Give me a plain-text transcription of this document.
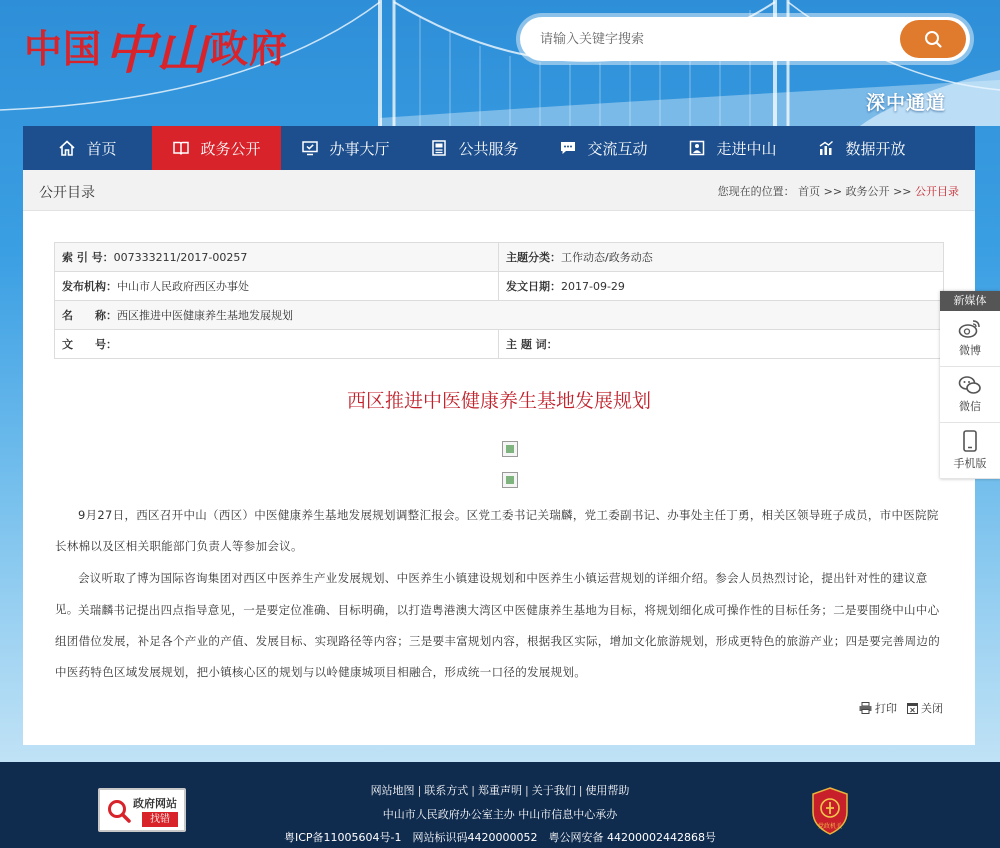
中国 中山 政府
请输入关键字搜索
深中通道
首页	政务公开	办事大厅	公共服务	交流互动	走进中山	数据开放
公开目录	您现在的位置： 首页 >> 政务公开 >> 公开目录
索 引 号：007333211/2017-00257	主题分类：工作动态/政务动态
发布机构：中山市人民政府西区办事处	发文日期：2017-09-29
名　　称：西区推进中医健康养生基地发展规划	
文　　号：	主 题 词：
西区推进中医健康养生基地发展规划
9月27日，西区召开中山（西区）中医健康养生基地发展规划调整汇报会。区党工委书记关瑞麟，党工委副书记、办事处主任丁勇，相关区领导班子成员，市中医院院长林棉以及区相关职能部门负责人等参加会议。
会议听取了博为国际咨询集团对西区中医养生产业发展规划、中医养生小镇建设规划和中医养生小镇运营规划的详细介绍。参会人员热烈讨论，提出针对性的建议意见。 关瑞麟书记提出四点指导意见，一是要定位准确、目标明确，以打造粤港澳大湾区中医健康养生基地为目标，将规划细化成可操作性的目标任务；二是要围绕中山中心组团借位发展，补足各个产业的产值、发展目标、实现路径等内容；三是要丰富规划内容，根据我区实际，增加文化旅游规划，形成更特色的旅游产业；四是要完善周边的中医药特色区域发展规划，把小镇核心区的规划与以岭健康城项目相融合，形成统一口径的发展规划。
打印 关闭
新媒体
微博
微信
手机版
政府网站
找错
网站地图 | 联系方式 | 郑重声明 | 关于我们 | 使用帮助
中山市人民政府办公室主办 中山市信息中心承办
粤ICP备11005604号-1　网站标识码4420000052　粤公网安备 44200002442868号
党政机关
